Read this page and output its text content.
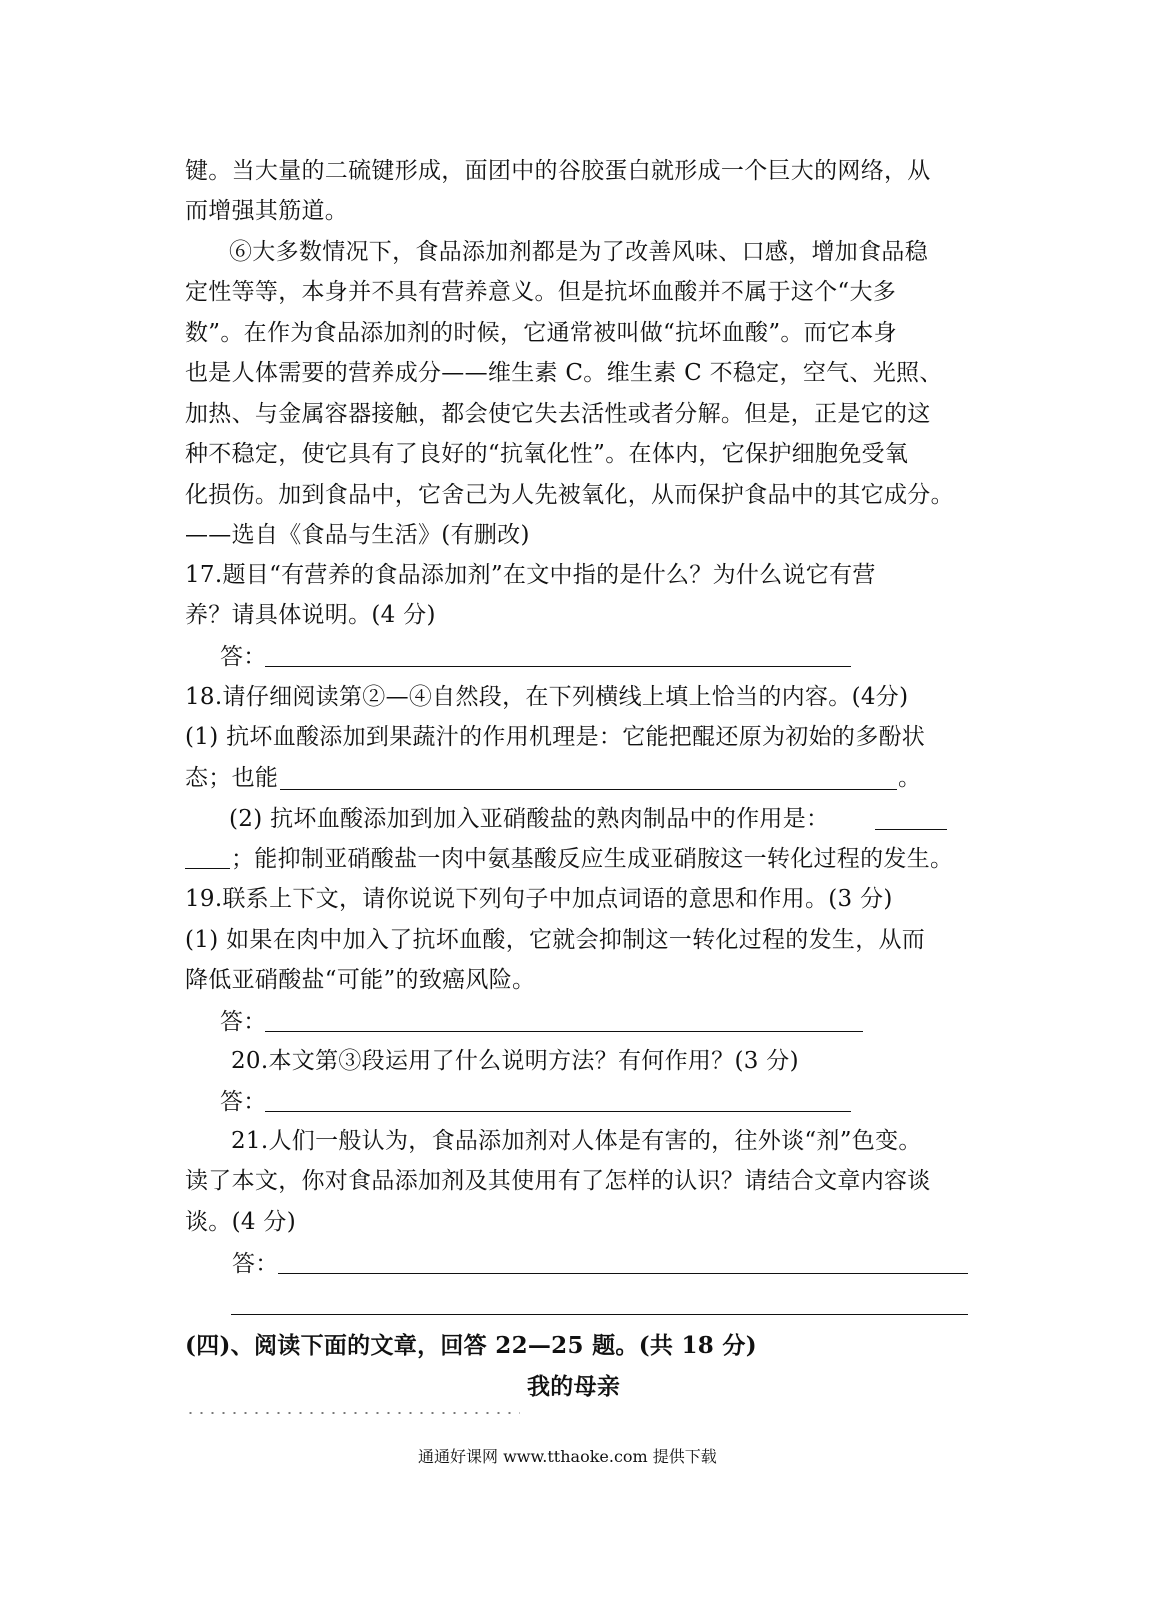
键。当大量的二硫键形成，面团中的谷胶蛋白就形成一个巨大的网络，从
而增强其筋道。
⑥大多数情况下，食品添加剂都是为了改善风味、口感，增加食品稳
定性等等，本身并不具有营养意义。但是抗坏血酸并不属于这个“大多
数”。在作为食品添加剂的时候，它通常被叫做“抗坏血酸”。而它本身
也是人体需要的营养成分——维生素 C。维生素 C 不稳定，空气、光照、
加热、与金属容器接触，都会使它失去活性或者分解。但是，正是它的这
种不稳定，使它具有了良好的“抗氧化性”。在体内，它保护细胞免受氧
化损伤。加到食品中，它舍己为人先被氧化，从而保护食品中的其它成分。
——选自《食品与生活》(有删改)
17.题目“有营养的食品添加剂”在文中指的是什么？为什么说它有营
养？请具体说明。(4 分)
答：
18.请仔细阅读第②—④自然段，在下列横线上填上恰当的内容。(4分)
(1) 抗坏血酸添加到果蔬汁的作用机理是：它能把醌还原为初始的多酚状
态；也能	。
(2) 抗坏血酸添加到加入亚硝酸盐的熟肉制品中的作用是：
；能抑制亚硝酸盐一肉中氨基酸反应生成亚硝胺这一转化过程的发生。
19.联系上下文，请你说说下列句子中加点词语的意思和作用。(3 分)
(1) 如果在肉中加入了抗坏血酸，它就会抑制这一转化过程的发生，从而
降低亚硝酸盐“可能”的致癌风险。
答：
20.本文第③段运用了什么说明方法？有何作用？(3 分)
答：
21.人们一般认为，食品添加剂对人体是有害的，往外谈“剂”色变。
读了本文，你对食品添加剂及其使用有了怎样的认识？请结合文章内容谈
谈。(4 分)
答：
(四)、阅读下面的文章，回答 22—25 题。(共 18 分)
我的母亲
通通好课网 www.tthaoke.com 提供下载
